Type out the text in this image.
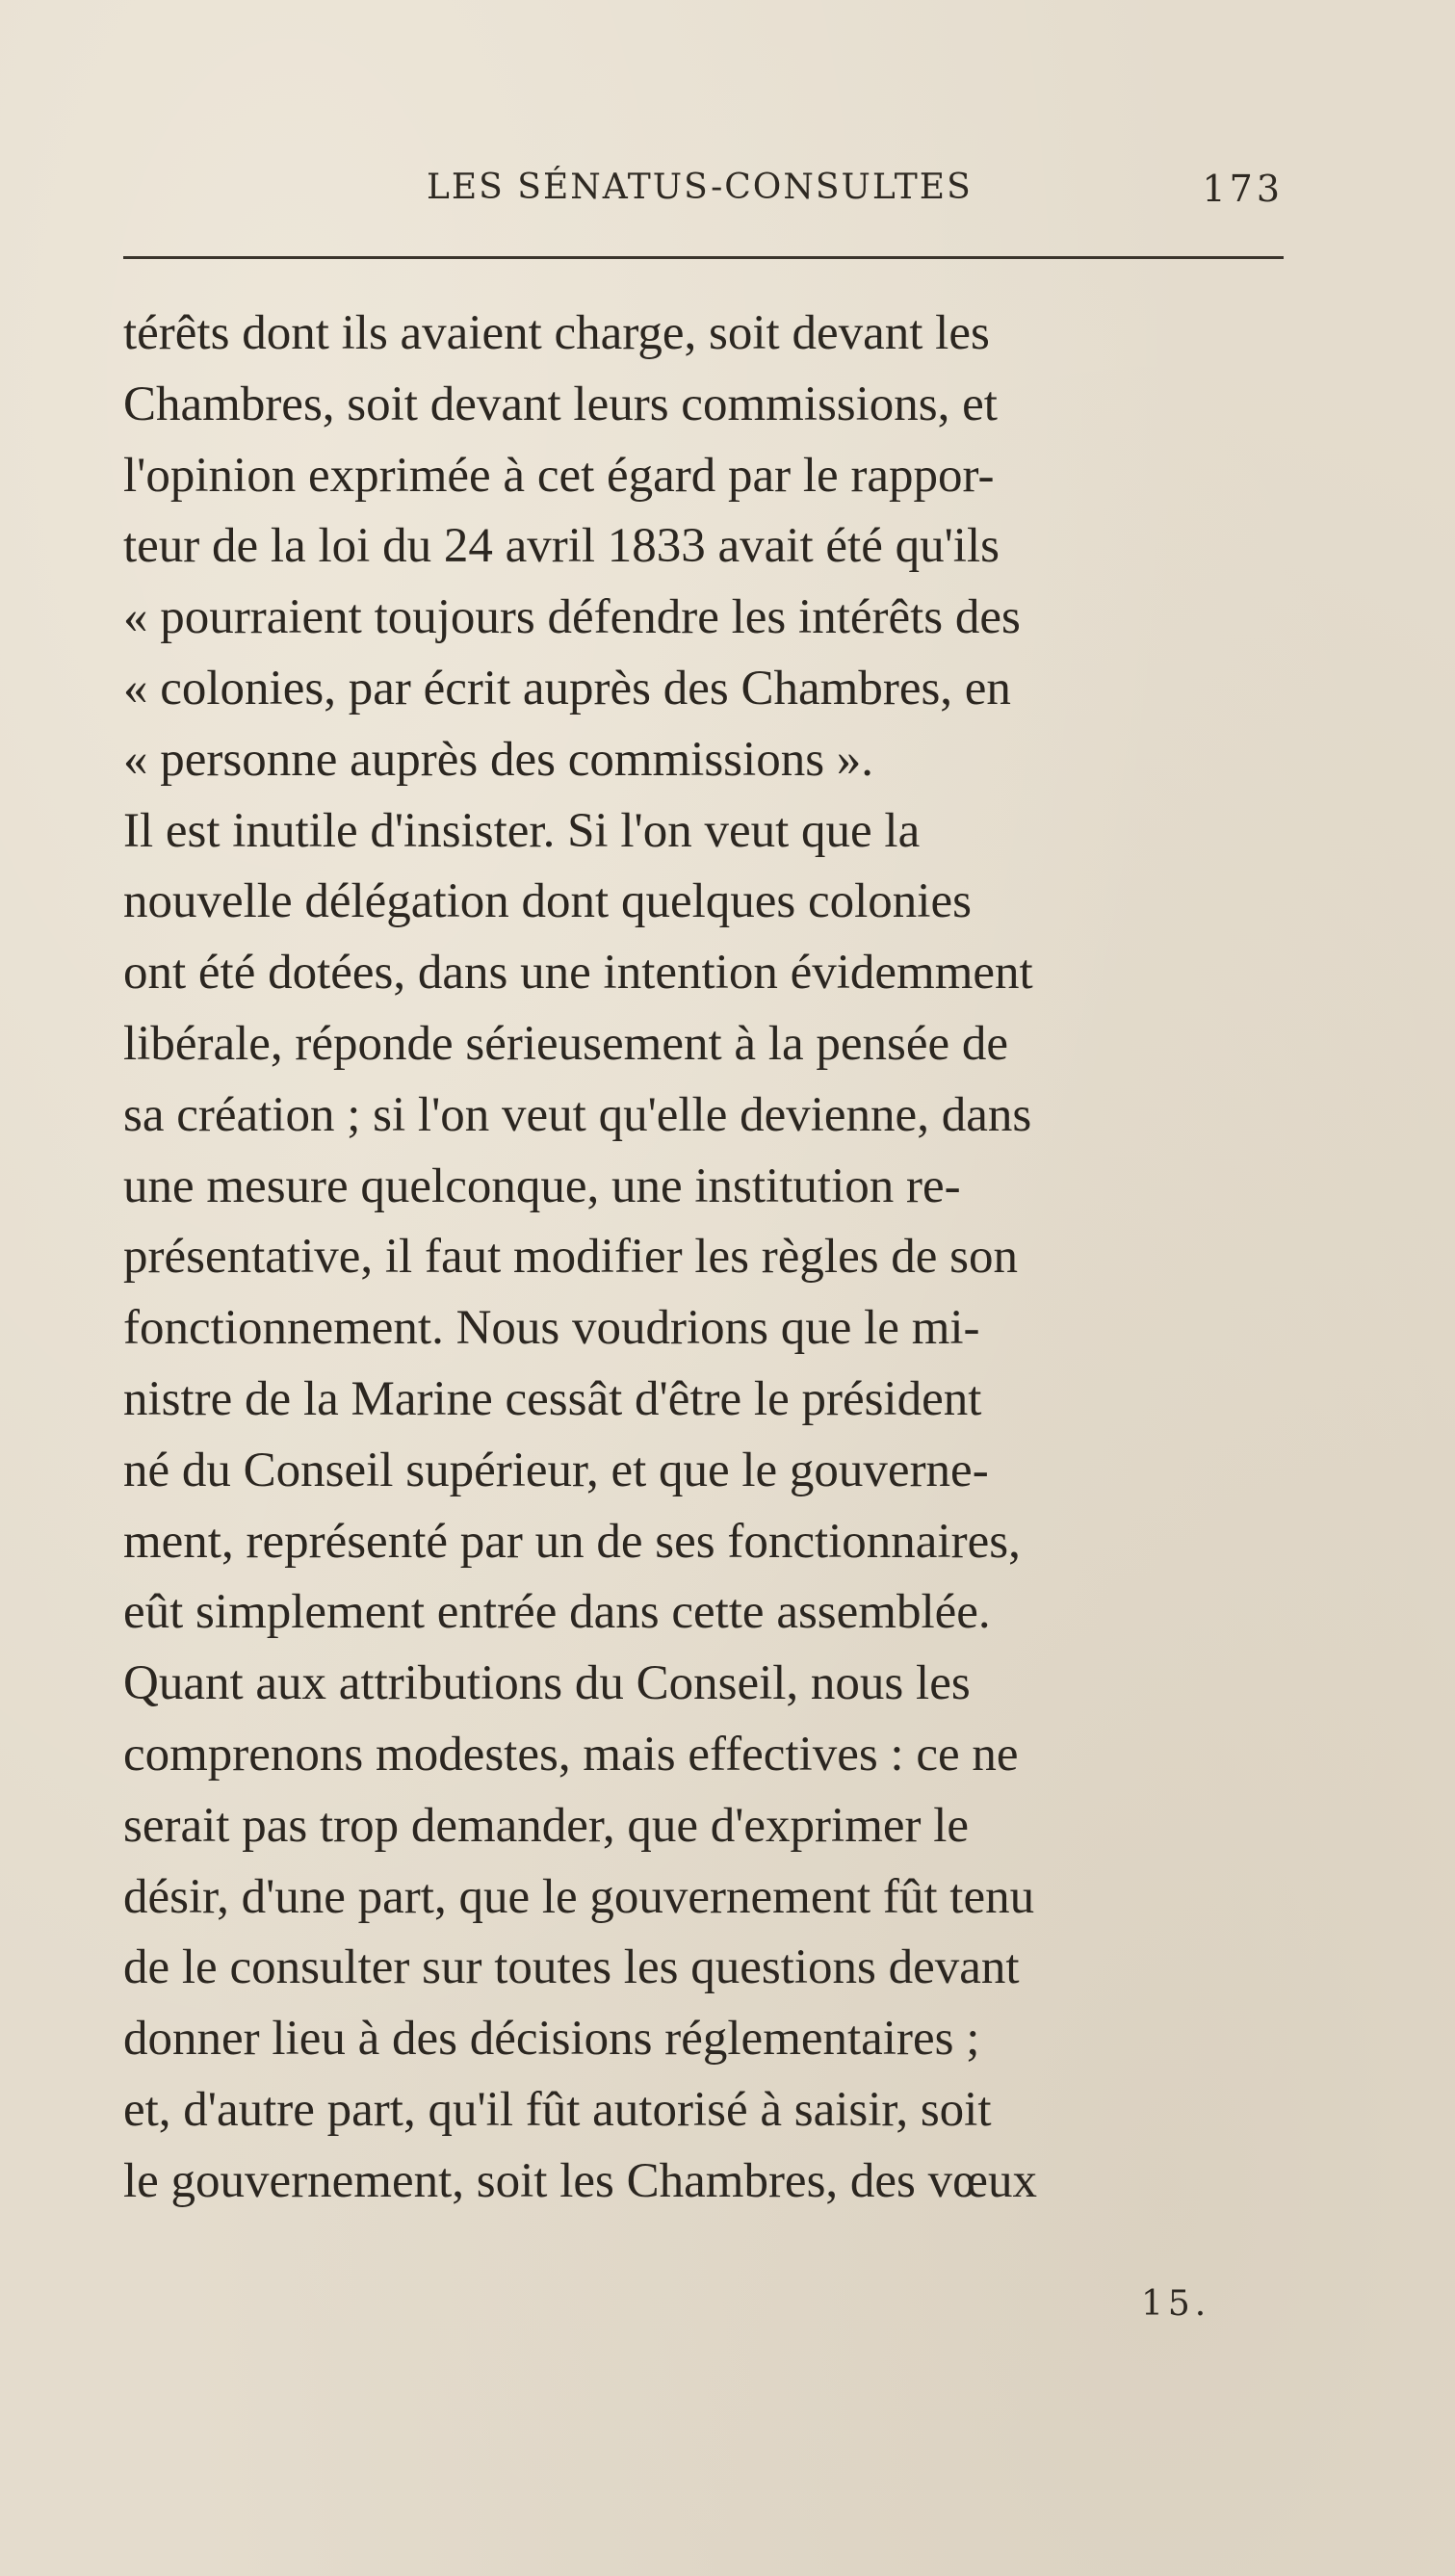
LES SÉNATUS-CONSULTES	173
térêts dont ils avaient charge, soit devant les
Chambres, soit devant leurs commissions, et
l'opinion exprimée à cet égard par le rappor-
teur de la loi du 24 avril 1833 avait été qu'ils
« pourraient toujours défendre les intérêts des
« colonies, par écrit auprès des Chambres, en
« personne auprès des commissions ».
Il est inutile d'insister. Si l'on veut que la
nouvelle délégation dont quelques colonies
ont été dotées, dans une intention évidemment
libérale, réponde sérieusement à la pensée de
sa création ; si l'on veut qu'elle devienne, dans
une mesure quelconque, une institution re-
présentative, il faut modifier les règles de son
fonctionnement. Nous voudrions que le mi-
nistre de la Marine cessât d'être le président
né du Conseil supérieur, et que le gouverne-
ment, représenté par un de ses fonctionnaires,
eût simplement entrée dans cette assemblée.
Quant aux attributions du Conseil, nous les
comprenons modestes, mais effectives : ce ne
serait pas trop demander, que d'exprimer le
désir, d'une part, que le gouvernement fût tenu
de le consulter sur toutes les questions devant
donner lieu à des décisions réglementaires ;
et, d'autre part, qu'il fût autorisé à saisir, soit
le gouvernement, soit les Chambres, des vœux
15.
